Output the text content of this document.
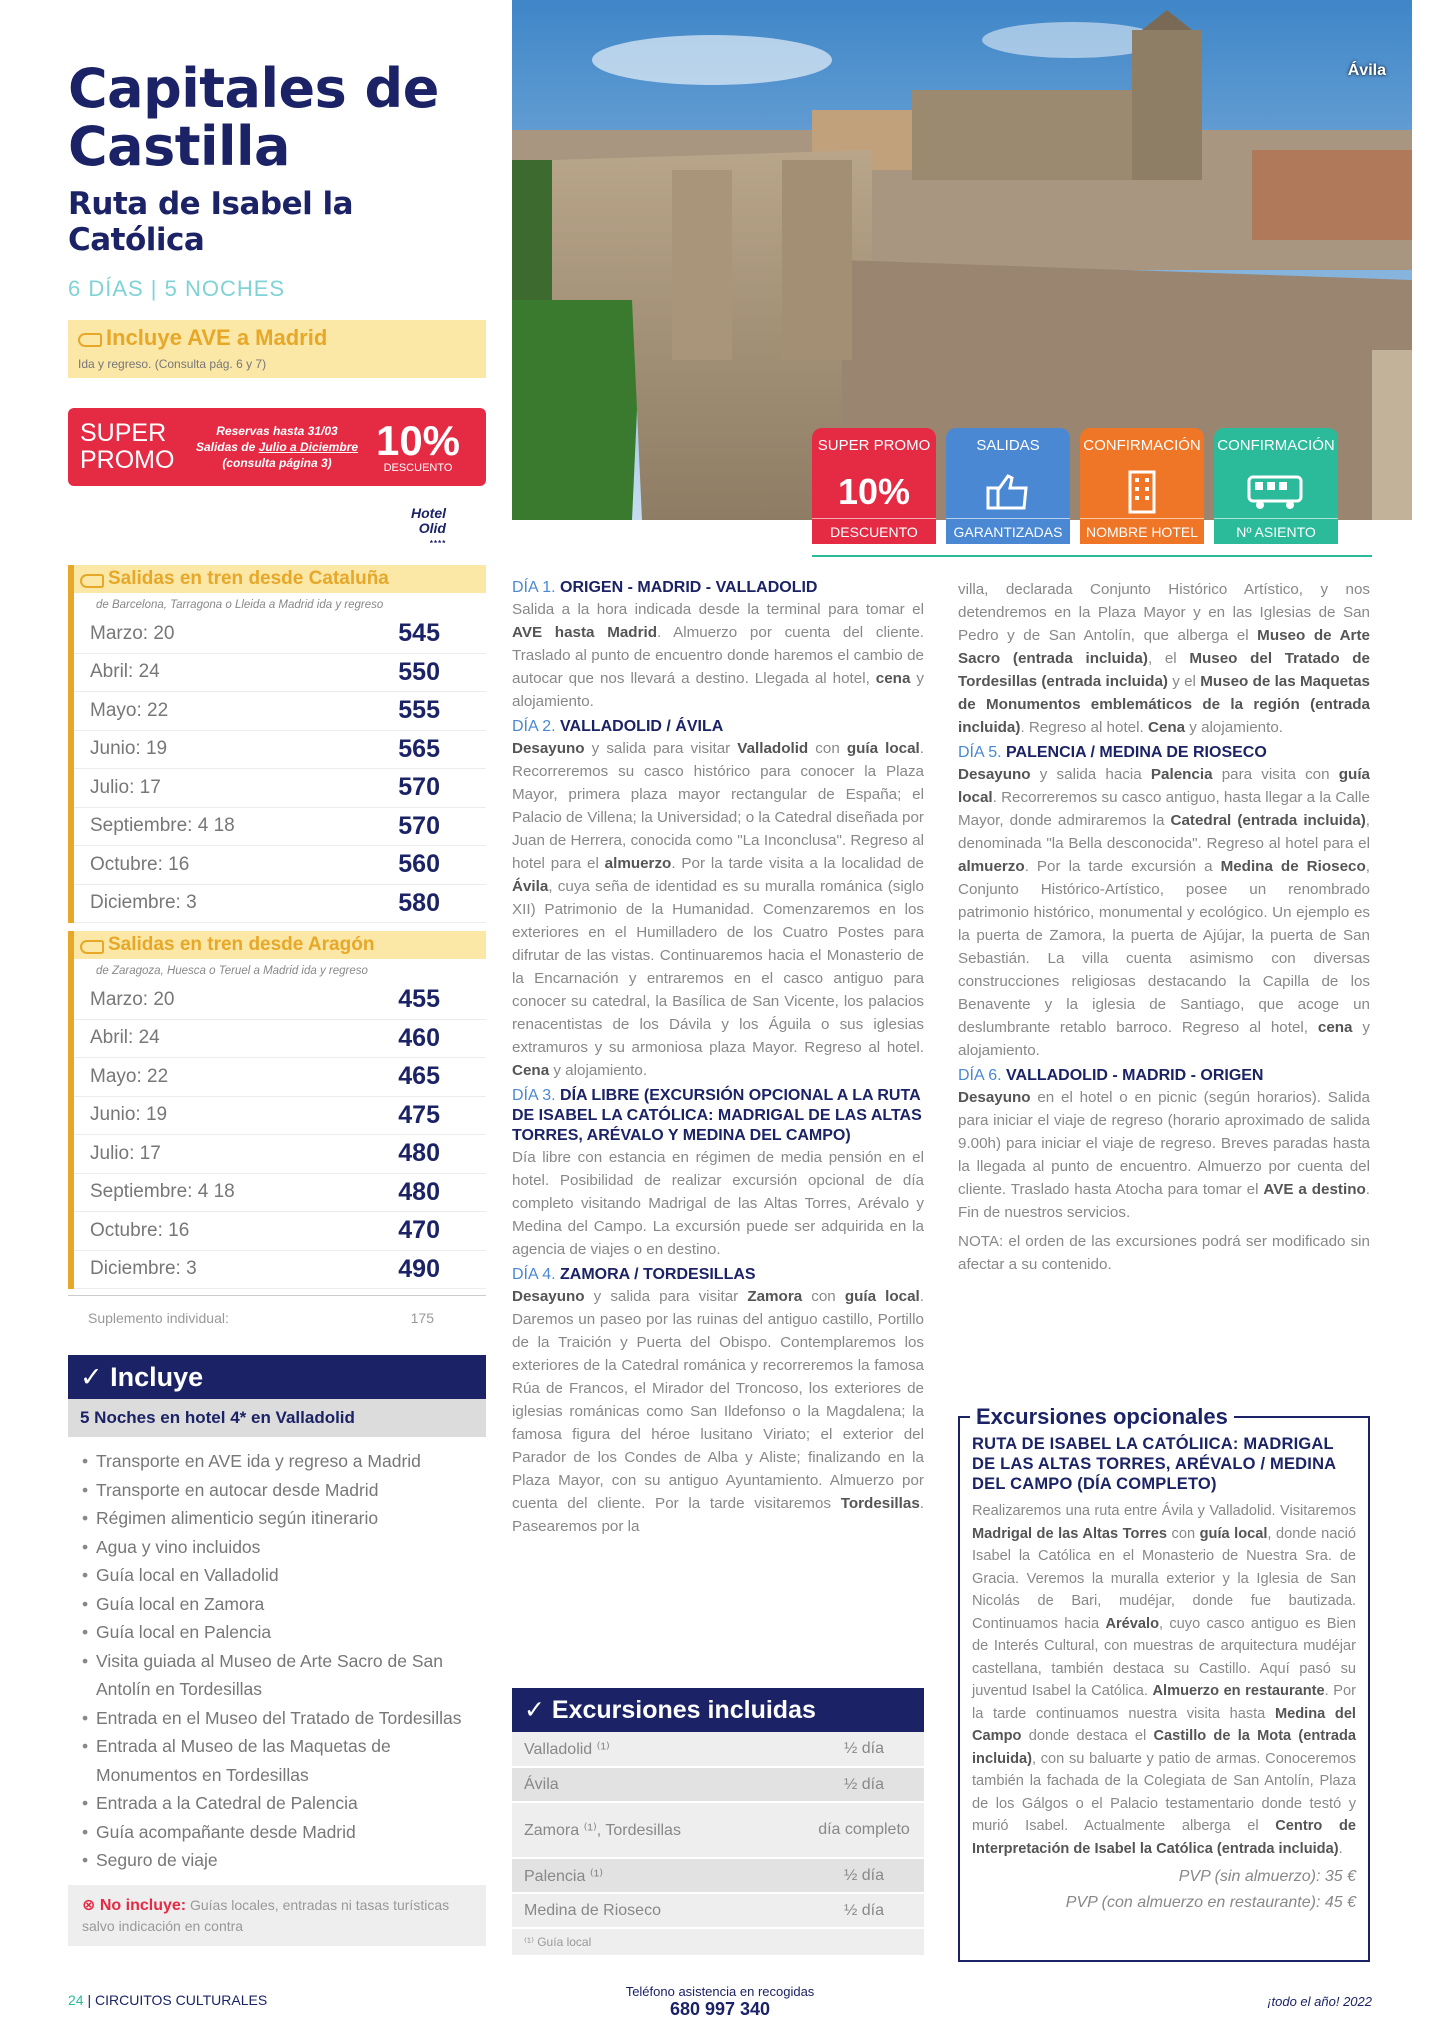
Capitales de
Castilla
Ruta de Isabel la Católica
6 DÍAS | 5 NOCHES
Incluye AVE a Madrid
Ida y regreso. (Consulta pág. 6 y 7)
SUPER
PROMO
Reservas hasta 31/03
Salidas de Julio a Diciembre
(consulta página 3)	10%
DESCUENTO
Hotel
Olid
****
Salidas en tren desde Cataluña
de Barcelona, Tarragona o Lleida a Madrid ida y regreso
Marzo: 20	545
Abril: 24	550
Mayo: 22	555
Junio: 19	565
Julio: 17	570
Septiembre: 4 18	570
Octubre: 16	560
Diciembre: 3	580
Salidas en tren desde Aragón
de Zaragoza, Huesca o Teruel a Madrid ida y regreso
Marzo: 20	455
Abril: 24	460
Mayo: 22	465
Junio: 19	475
Julio: 17	480
Septiembre: 4 18	480
Octubre: 16	470
Diciembre: 3	490
Suplemento individual:	175
✓ Incluye
5 Noches en hotel 4* en Valladolid
• Transporte en AVE ida y regreso a Madrid
• Transporte en autocar desde Madrid
• Régimen alimenticio según itinerario
• Agua y vino incluidos
• Guía local en Valladolid
• Guía local en Zamora
• Guía local en Palencia
• Visita guiada al Museo de Arte Sacro de San Antolín en Tordesillas
• Entrada en el Museo del Tratado de Tordesillas
• Entrada al Museo de las Maquetas de Monumentos en Tordesillas
• Entrada a la Catedral de Palencia
• Guía acompañante desde Madrid
• Seguro de viaje
⊗ No incluye: Guías locales, entradas ni tasas turísticas salvo indicación en contra
Ávila
SUPER PROMO
10%
DESCUENTO
SALIDAS
GARANTIZADAS
CONFIRMACIÓN
NOMBRE HOTEL
CONFIRMACIÓN
Nº ASIENTO
DÍA 1. ORIGEN - MADRID - VALLADOLID
Salida a la hora indicada desde la terminal para tomar el AVE hasta Madrid. Almuerzo por cuenta del cliente. Traslado al punto de encuentro donde haremos el cambio de autocar que nos llevará a destino. Llegada al hotel, cena y alojamiento.
DÍA 2. VALLADOLID / ÁVILA
Desayuno y salida para visitar Valladolid con guía local. Recorreremos su casco histórico para conocer la Plaza Mayor, primera plaza mayor rectangular de España; el Palacio de Villena; la Universidad; o la Catedral diseñada por Juan de Herrera, conocida como "La Inconclusa". Regreso al hotel para el almuerzo. Por la tarde visita a la localidad de Ávila, cuya seña de identidad es su muralla románica (siglo XII) Patrimonio de la Humanidad. Comenzaremos en los exteriores en el Humilladero de los Cuatro Postes para difrutar de las vistas. Continuaremos hacia el Monasterio de la Encarnación y entraremos en el casco antiguo para conocer su catedral, la Basílica de San Vicente, los palacios renacentistas de los Dávila y los Águila o sus iglesias extramuros y su armoniosa plaza Mayor. Regreso al hotel. Cena y alojamiento.
DÍA 3. DÍA LIBRE (EXCURSIÓN OPCIONAL A LA RUTA DE ISABEL LA CATÓLICA: MADRIGAL DE LAS ALTAS TORRES, ARÉVALO Y MEDINA DEL CAMPO)
Día libre con estancia en régimen de media pensión en el hotel. Posibilidad de realizar excursión opcional de día completo visitando Madrigal de las Altas Torres, Arévalo y Medina del Campo. La excursión puede ser adquirida en la agencia de viajes o en destino.
DÍA 4. ZAMORA / TORDESILLAS
Desayuno y salida para visitar Zamora con guía local. Daremos un paseo por las ruinas del antiguo castillo, Portillo de la Traición y Puerta del Obispo. Contemplaremos los exteriores de la Catedral románica y recorreremos la famosa Rúa de Francos, el Mirador del Troncoso, los exteriores de iglesias románicas como San Ildefonso o la Magdalena; la famosa figura del héroe lusitano Viriato; el exterior del Parador de los Condes de Alba y Aliste; finalizando en la Plaza Mayor, con su antiguo Ayuntamiento. Almuerzo por cuenta del cliente. Por la tarde visitaremos Tordesillas. Pasearemos por la
villa, declarada Conjunto Histórico Artístico, y nos detendremos en la Plaza Mayor y en las Iglesias de San Pedro y de San Antolín, que alberga el Museo de Arte Sacro (entrada incluida), el Museo del Tratado de Tordesillas (entrada incluida) y el Museo de las Maquetas de Monumentos emblemáticos de la región (entrada incluida). Regreso al hotel. Cena y alojamiento.
DÍA 5. PALENCIA / MEDINA DE RIOSECO
Desayuno y salida hacia Palencia para visita con guía local. Recorreremos su casco antiguo, hasta llegar a la Calle Mayor, donde admiraremos la Catedral (entrada incluida), denominada "la Bella desconocida". Regreso al hotel para el almuerzo. Por la tarde excursión a Medina de Rioseco, Conjunto Histórico-Artístico, posee un renombrado patrimonio histórico, monumental y ecológico. Un ejemplo es la puerta de Zamora, la puerta de Ajújar, la puerta de San Sebastián. La villa cuenta asimismo con diversas construcciones religiosas destacando la Capilla de los Benavente y la iglesia de Santiago, que acoge un deslumbrante retablo barroco. Regreso al hotel, cena y alojamiento.
DÍA 6. VALLADOLID - MADRID - ORIGEN
Desayuno en el hotel o en picnic (según horarios). Salida para iniciar el viaje de regreso (horario aproximado de salida 9.00h) para iniciar el viaje de regreso. Breves paradas hasta la llegada al punto de encuentro. Almuerzo por cuenta del cliente. Traslado hasta Atocha para tomar el AVE a destino. Fin de nuestros servicios.
NOTA: el orden de las excursiones podrá ser modificado sin afectar a su contenido.
✓ Excursiones incluidas
Valladolid ⁽¹⁾	½ día
Ávila	½ día
Zamora ⁽¹⁾, Tordesillas	día completo
Palencia ⁽¹⁾	½ día
Medina de Rioseco	½ día
⁽¹⁾ Guía local
Excursiones opcionales
RUTA DE ISABEL LA CATÓLIICA: MADRIGAL DE LAS ALTAS TORRES, ARÉVALO / MEDINA DEL CAMPO (DÍA COMPLETO)
Realizaremos una ruta entre Ávila y Valladolid. Visitaremos Madrigal de las Altas Torres con guía local, donde nació Isabel la Católica en el Monasterio de Nuestra Sra. de Gracia. Veremos la muralla exterior y la Iglesia de San Nicolás de Bari, mudéjar, donde fue bautizada. Continuamos hacia Arévalo, cuyo casco antiguo es Bien de Interés Cultural, con muestras de arquitectura mudéjar castellana, también destaca su Castillo. Aquí pasó su juventud Isabel la Católica. Almuerzo en restaurante. Por la tarde continuamos nuestra visita hasta Medina del Campo donde destaca el Castillo de la Mota (entrada incluida), con su baluarte y patio de armas. Conoceremos también la fachada de la Colegiata de San Antolín, Plaza de los Gálgos o el Palacio testamentario donde testó y murió Isabel. Actualmente alberga el Centro de Interpretación de Isabel la Católica (entrada incluida).
PVP (sin almuerzo): 35 €
PVP (con almuerzo en restaurante): 45 €
24 | CIRCUITOS CULTURALES
Teléfono asistencia en recogidas
680 997 340	¡todo el año! 2022
